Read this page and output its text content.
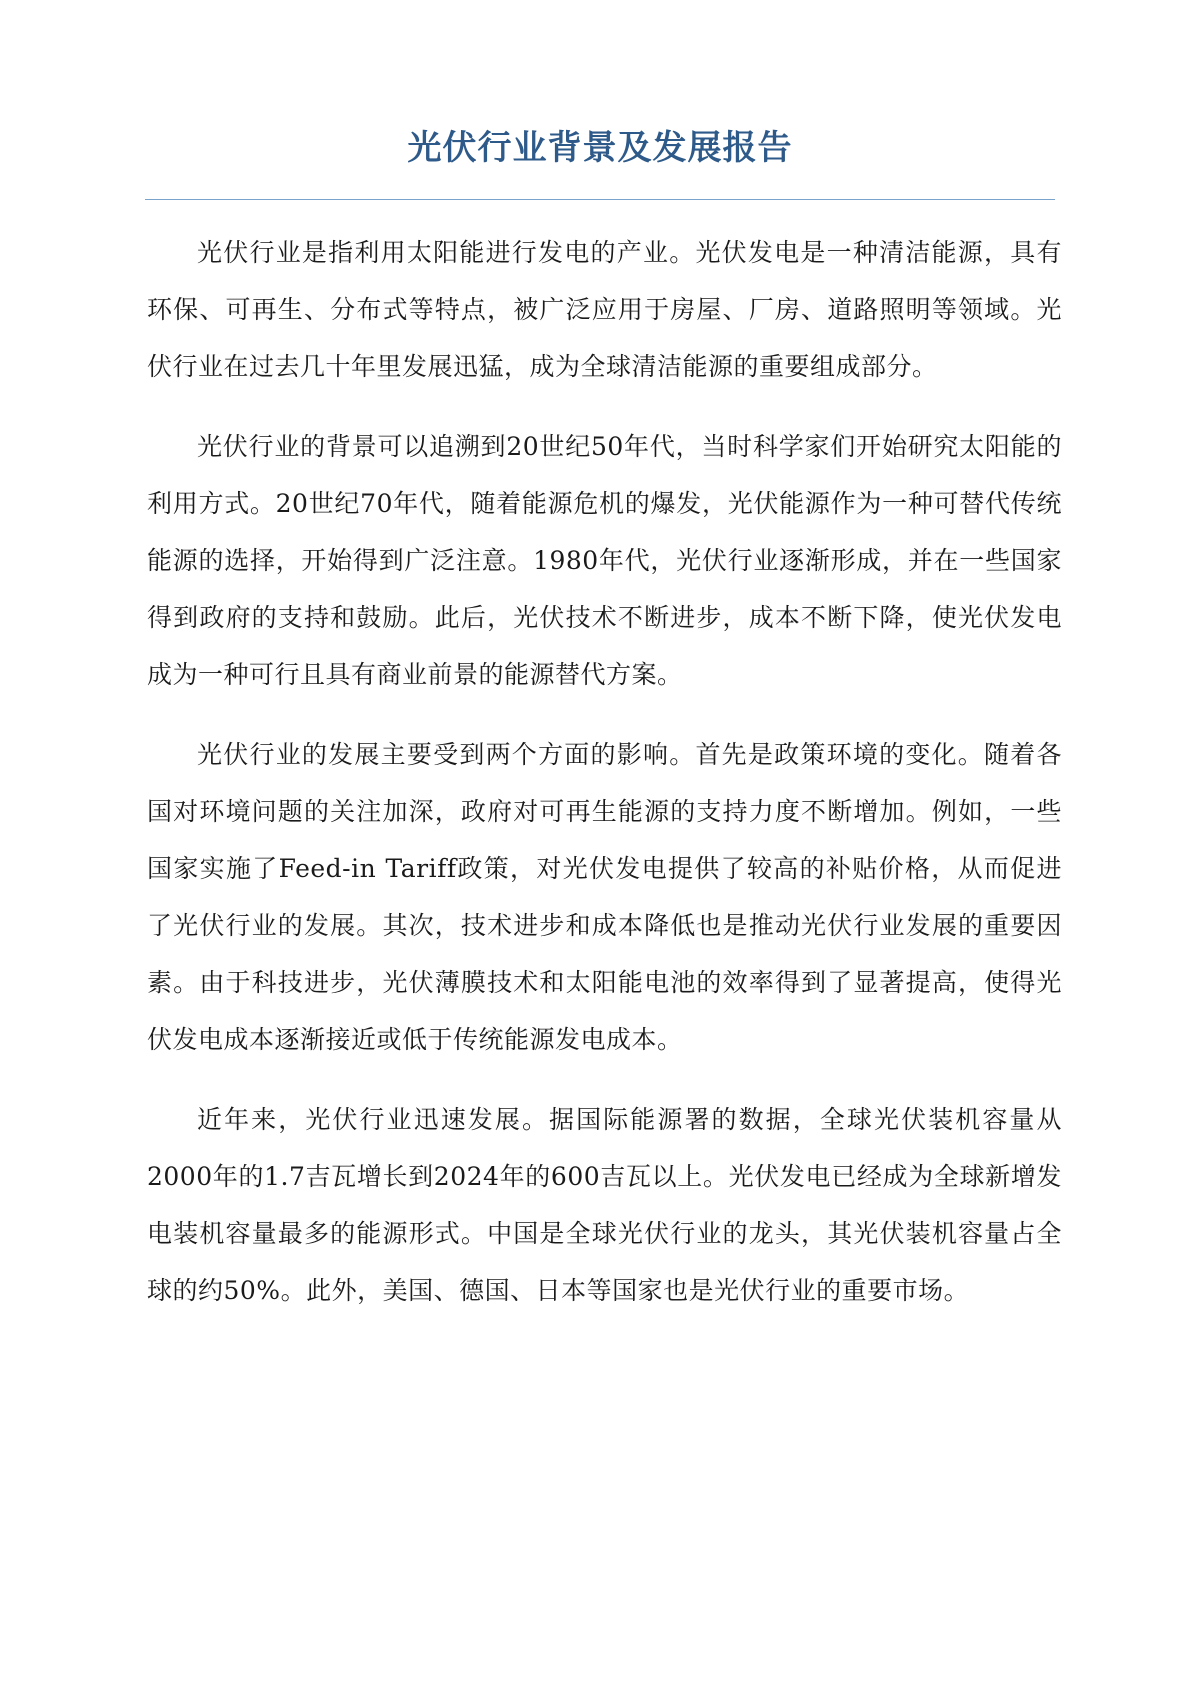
光伏行业背景及发展报告

光伏行业是指利用太阳能进行发电的产业。光伏发电是一种清洁能源，具有环保、可再生、分布式等特点，被广泛应用于房屋、厂房、道路照明等领域。光伏行业在过去几十年里发展迅猛，成为全球清洁能源的重要组成部分。

光伏行业的背景可以追溯到20世纪50年代，当时科学家们开始研究太阳能的利用方式。20世纪70年代，随着能源危机的爆发，光伏能源作为一种可替代传统能源的选择，开始得到广泛注意。1980年代，光伏行业逐渐形成，并在一些国家得到政府的支持和鼓励。此后，光伏技术不断进步，成本不断下降，使光伏发电成为一种可行且具有商业前景的能源替代方案。

光伏行业的发展主要受到两个方面的影响。首先是政策环境的变化。随着各国对环境问题的关注加深，政府对可再生能源的支持力度不断增加。例如，一些国家实施了Feed-in Tariff政策，对光伏发电提供了较高的补贴价格，从而促进了光伏行业的发展。其次，技术进步和成本降低也是推动光伏行业发展的重要因素。由于科技进步，光伏薄膜技术和太阳能电池的效率得到了显著提高，使得光伏发电成本逐渐接近或低于传统能源发电成本。

近年来，光伏行业迅速发展。据国际能源署的数据，全球光伏装机容量从2000年的1.7吉瓦增长到2024年的600吉瓦以上。光伏发电已经成为全球新增发电装机容量最多的能源形式。中国是全球光伏行业的龙头，其光伏装机容量占全球的约50%。此外，美国、德国、日本等国家也是光伏行业的重要市场。
